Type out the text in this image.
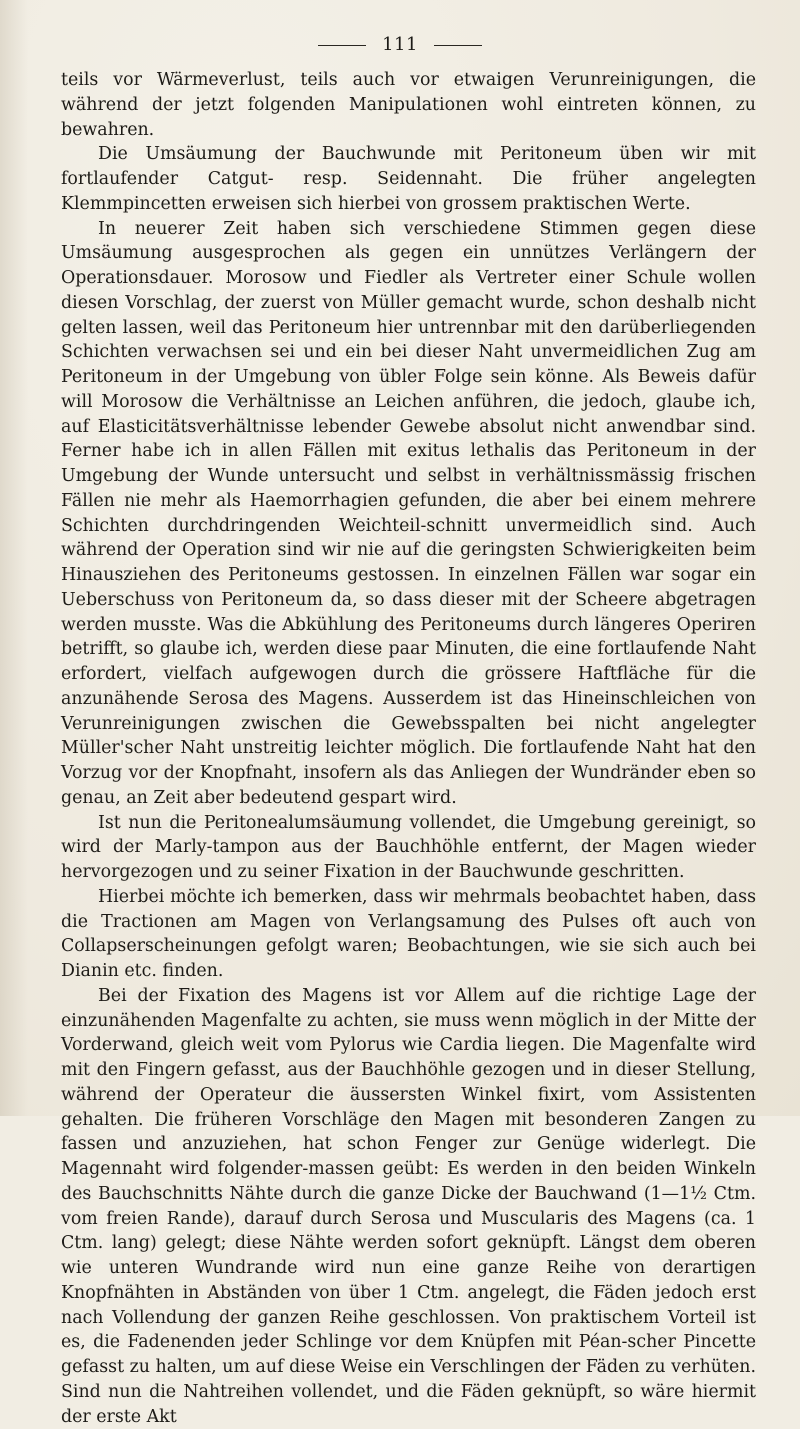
111

teils vor Wärmeverlust, teils auch vor etwaigen Verunreinigungen, die während der jetzt folgenden Manipulationen wohl eintreten können, zu bewahren.

Die Umsäumung der Bauchwunde mit Peritoneum üben wir mit fortlaufender Catgut- resp. Seidennaht. Die früher angelegten Klemmpincetten erweisen sich hierbei von grossem praktischen Werte.

In neuerer Zeit haben sich verschiedene Stimmen gegen diese Umsäumung ausgesprochen als gegen ein unnützes Verlängern der Operationsdauer. Morosow und Fiedler als Vertreter einer Schule wollen diesen Vorschlag, der zuerst von Müller gemacht wurde, schon deshalb nicht gelten lassen, weil das Peritoneum hier untrennbar mit den darüberliegenden Schichten verwachsen sei und ein bei dieser Naht unvermeidlichen Zug am Peritoneum in der Umgebung von übler Folge sein könne. Als Beweis dafür will Morosow die Verhältnisse an Leichen anführen, die jedoch, glaube ich, auf Elasticitätsverhältnisse lebender Gewebe absolut nicht anwendbar sind. Ferner habe ich in allen Fällen mit exitus lethalis das Peritoneum in der Umgebung der Wunde untersucht und selbst in verhältnissmässig frischen Fällen nie mehr als Haemorrhagien gefunden, die aber bei einem mehrere Schichten durchdringenden Weichteil-schnitt unvermeidlich sind. Auch während der Operation sind wir nie auf die geringsten Schwierigkeiten beim Hinausziehen des Peritoneums gestossen. In einzelnen Fällen war sogar ein Ueberschuss von Peritoneum da, so dass dieser mit der Scheere abgetragen werden musste. Was die Abkühlung des Peritoneums durch längeres Operiren betrifft, so glaube ich, werden diese paar Minuten, die eine fortlaufende Naht erfordert, vielfach aufgewogen durch die grössere Haftfläche für die anzunähende Serosa des Magens. Ausserdem ist das Hineinschleichen von Verunreinigungen zwischen die Gewebsspalten bei nicht angelegter Müller'scher Naht unstreitig leichter möglich. Die fortlaufende Naht hat den Vorzug vor der Knopfnaht, insofern als das Anliegen der Wundränder eben so genau, an Zeit aber bedeutend gespart wird.

Ist nun die Peritonealumsäumung vollendet, die Umgebung gereinigt, so wird der Marly-tampon aus der Bauchhöhle entfernt, der Magen wieder hervorgezogen und zu seiner Fixation in der Bauchwunde geschritten.

Hierbei möchte ich bemerken, dass wir mehrmals beobachtet haben, dass die Tractionen am Magen von Verlangsamung des Pulses oft auch von Collapserscheinungen gefolgt waren; Beobachtungen, wie sie sich auch bei Dianin etc. finden.

Bei der Fixation des Magens ist vor Allem auf die richtige Lage der einzunähenden Magenfalte zu achten, sie muss wenn möglich in der Mitte der Vorderwand, gleich weit vom Pylorus wie Cardia liegen. Die Magenfalte wird mit den Fingern gefasst, aus der Bauchhöhle gezogen und in dieser Stellung, während der Operateur die äussersten Winkel fixirt, vom Assistenten gehalten. Die früheren Vorschläge den Magen mit besonderen Zangen zu fassen und anzuziehen, hat schon Fenger zur Genüge widerlegt. Die Magennaht wird folgender-massen geübt: Es werden in den beiden Winkeln des Bauchschnitts Nähte durch die ganze Dicke der Bauchwand (1—1½ Ctm. vom freien Rande), darauf durch Serosa und Muscularis des Magens (ca. 1 Ctm. lang) gelegt; diese Nähte werden sofort geknüpft. Längst dem oberen wie unteren Wundrande wird nun eine ganze Reihe von derartigen Knopfnähten in Abständen von über 1 Ctm. angelegt, die Fäden jedoch erst nach Vollendung der ganzen Reihe geschlossen. Von praktischem Vorteil ist es, die Fadenenden jeder Schlinge vor dem Knüpfen mit Péan-scher Pincette gefasst zu halten, um auf diese Weise ein Verschlingen der Fäden zu verhüten. Sind nun die Nahtreihen vollendet, und die Fäden geknüpft, so wäre hiermit der erste Akt
